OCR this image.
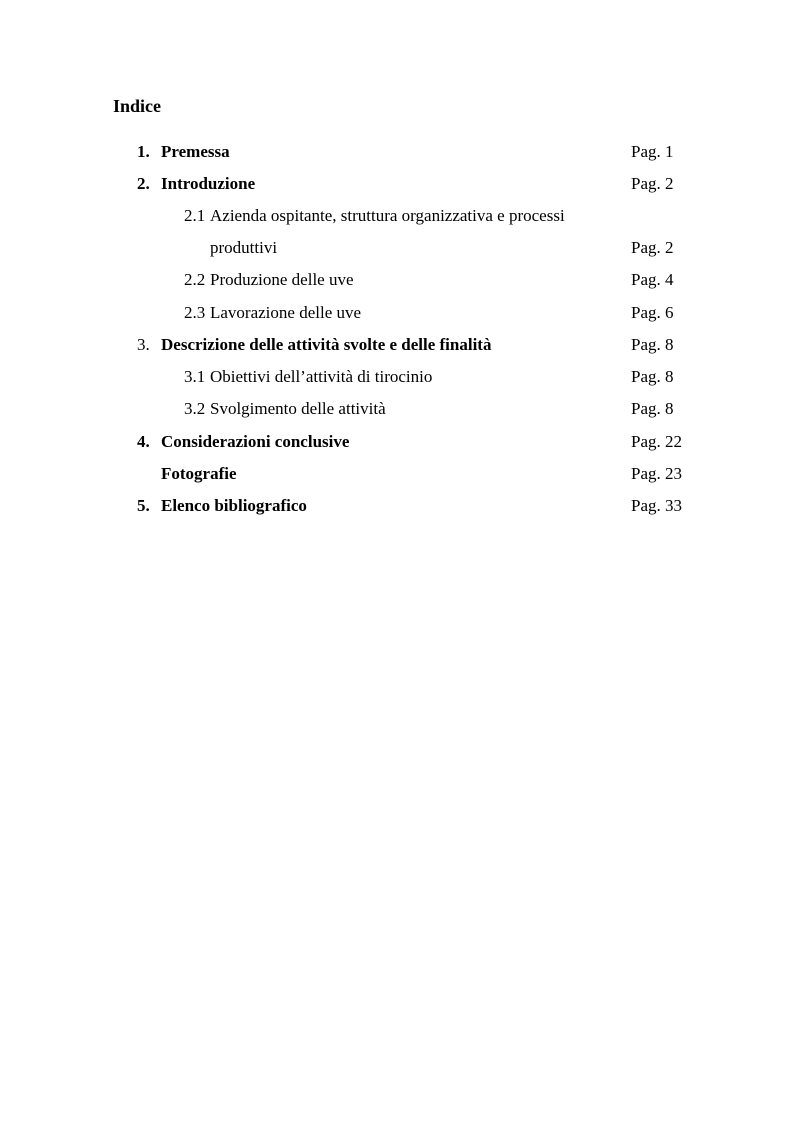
Indice
1. Premessa	Pag. 1
2. Introduzione	Pag. 2
2.1 Azienda ospitante, struttura organizzativa e processi
produttivi	Pag. 2
2.2 Produzione delle uve	Pag. 4
2.3 Lavorazione delle uve	Pag. 6
3. Descrizione delle attività svolte e delle finalità	Pag. 8
3.1 Obiettivi dell’attività di tirocinio	Pag. 8
3.2 Svolgimento delle attività	Pag. 8
4. Considerazioni conclusive	Pag. 22
Fotografie	Pag. 23
5. Elenco bibliografico	Pag. 33
